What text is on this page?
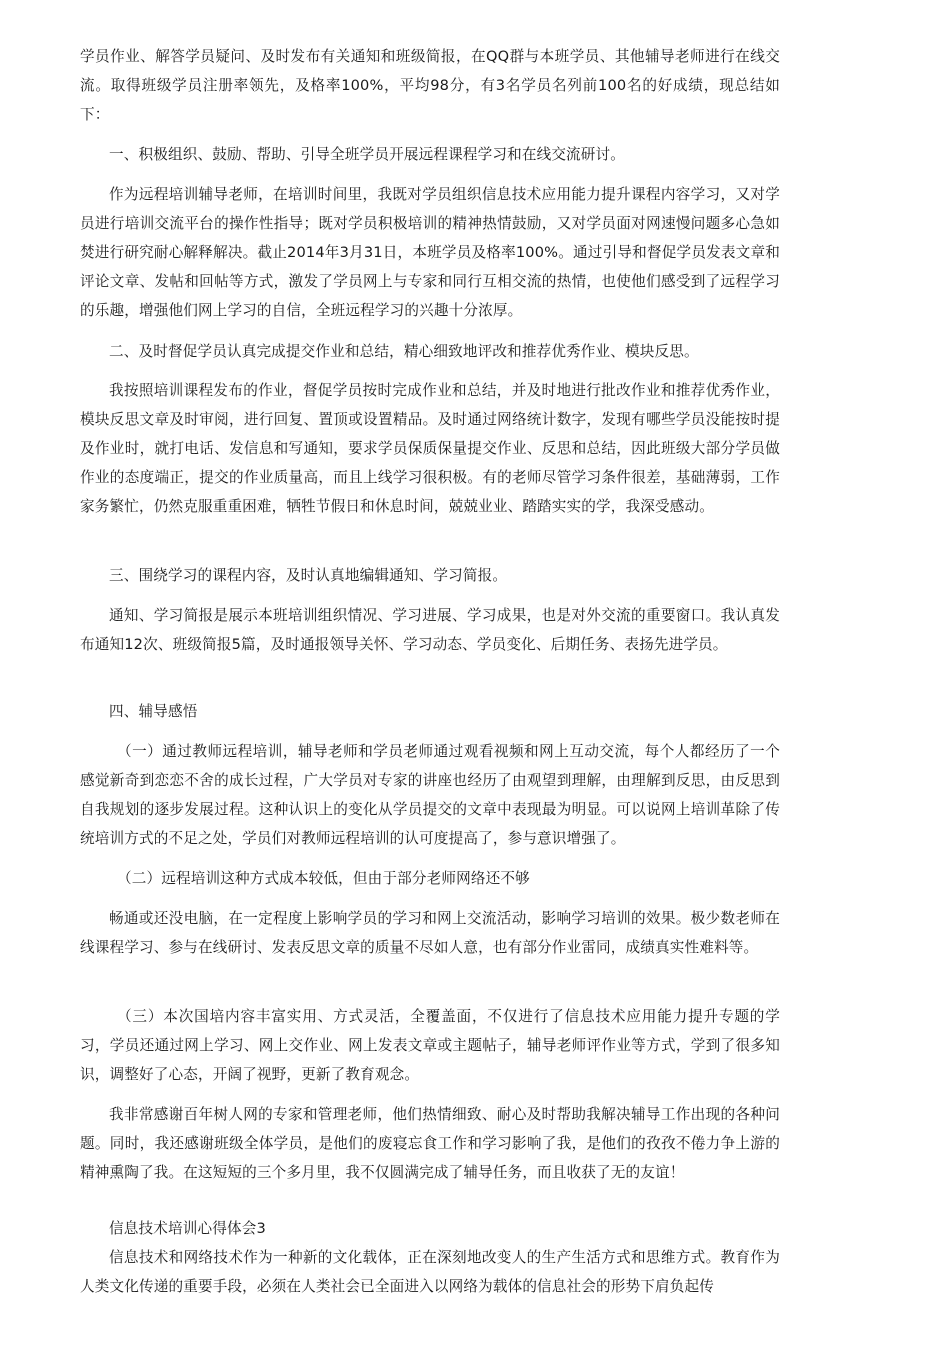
学员作业、解答学员疑问、及时发布有关通知和班级简报，在QQ群与本班学员、其他辅导老师进行在线交流。取得班级学员注册率领先，及格率100%，平均98分，有3名学员名列前100名的好成绩，现总结如下：

一、积极组织、鼓励、帮助、引导全班学员开展远程课程学习和在线交流研讨。

作为远程培训辅导老师，在培训时间里，我既对学员组织信息技术应用能力提升课程内容学习，又对学员进行培训交流平台的操作性指导；既对学员积极培训的精神热情鼓励，又对学员面对网速慢问题多心急如焚进行研究耐心解释解决。截止2014年3月31日，本班学员及格率100%。通过引导和督促学员发表文章和评论文章、发帖和回帖等方式，激发了学员网上与专家和同行互相交流的热情，也使他们感受到了远程学习的乐趣，增强他们网上学习的自信，全班远程学习的兴趣十分浓厚。

二、及时督促学员认真完成提交作业和总结，精心细致地评改和推荐优秀作业、模块反思。

我按照培训课程发布的作业，督促学员按时完成作业和总结，并及时地进行批改作业和推荐优秀作业，模块反思文章及时审阅，进行回复、置顶或设置精品。及时通过网络统计数字，发现有哪些学员没能按时提及作业时，就打电话、发信息和写通知，要求学员保质保量提交作业、反思和总结，因此班级大部分学员做作业的态度端正，提交的作业质量高，而且上线学习很积极。有的老师尽管学习条件很差，基础薄弱，工作家务繁忙，仍然克服重重困难，牺牲节假日和休息时间，兢兢业业、踏踏实实的学，我深受感动。

三、围绕学习的课程内容，及时认真地编辑通知、学习简报。

通知、学习简报是展示本班培训组织情况、学习进展、学习成果，也是对外交流的重要窗口。我认真发布通知12次、班级简报5篇，及时通报领导关怀、学习动态、学员变化、后期任务、表扬先进学员。

四、辅导感悟

（一）通过教师远程培训，辅导老师和学员老师通过观看视频和网上互动交流，每个人都经历了一个感觉新奇到恋恋不舍的成长过程，广大学员对专家的讲座也经历了由观望到理解，由理解到反思，由反思到自我规划的逐步发展过程。这种认识上的变化从学员提交的文章中表现最为明显。可以说网上培训革除了传统培训方式的不足之处，学员们对教师远程培训的认可度提高了，参与意识增强了。

（二）远程培训这种方式成本较低，但由于部分老师网络还不够

畅通或还没电脑，在一定程度上影响学员的学习和网上交流活动，影响学习培训的效果。极少数老师在线课程学习、参与在线研讨、发表反思文章的质量不尽如人意，也有部分作业雷同，成绩真实性难料等。

（三）本次国培内容丰富实用、方式灵活，全覆盖面，不仅进行了信息技术应用能力提升专题的学习，学员还通过网上学习、网上交作业、网上发表文章或主题帖子，辅导老师评作业等方式，学到了很多知识，调整好了心态，开阔了视野，更新了教育观念。

我非常感谢百年树人网的专家和管理老师，他们热情细致、耐心及时帮助我解决辅导工作出现的各种问题。同时，我还感谢班级全体学员，是他们的废寝忘食工作和学习影响了我，是他们的孜孜不倦力争上游的精神熏陶了我。在这短短的三个多月里，我不仅圆满完成了辅导任务，而且收获了无的友谊！

信息技术培训心得体会3

信息技术和网络技术作为一种新的文化载体，正在深刻地改变人的生产生活方式和思维方式。教育作为人类文化传递的重要手段，必须在人类社会已全面进入以网络为载体的信息社会的形势下肩负起传
